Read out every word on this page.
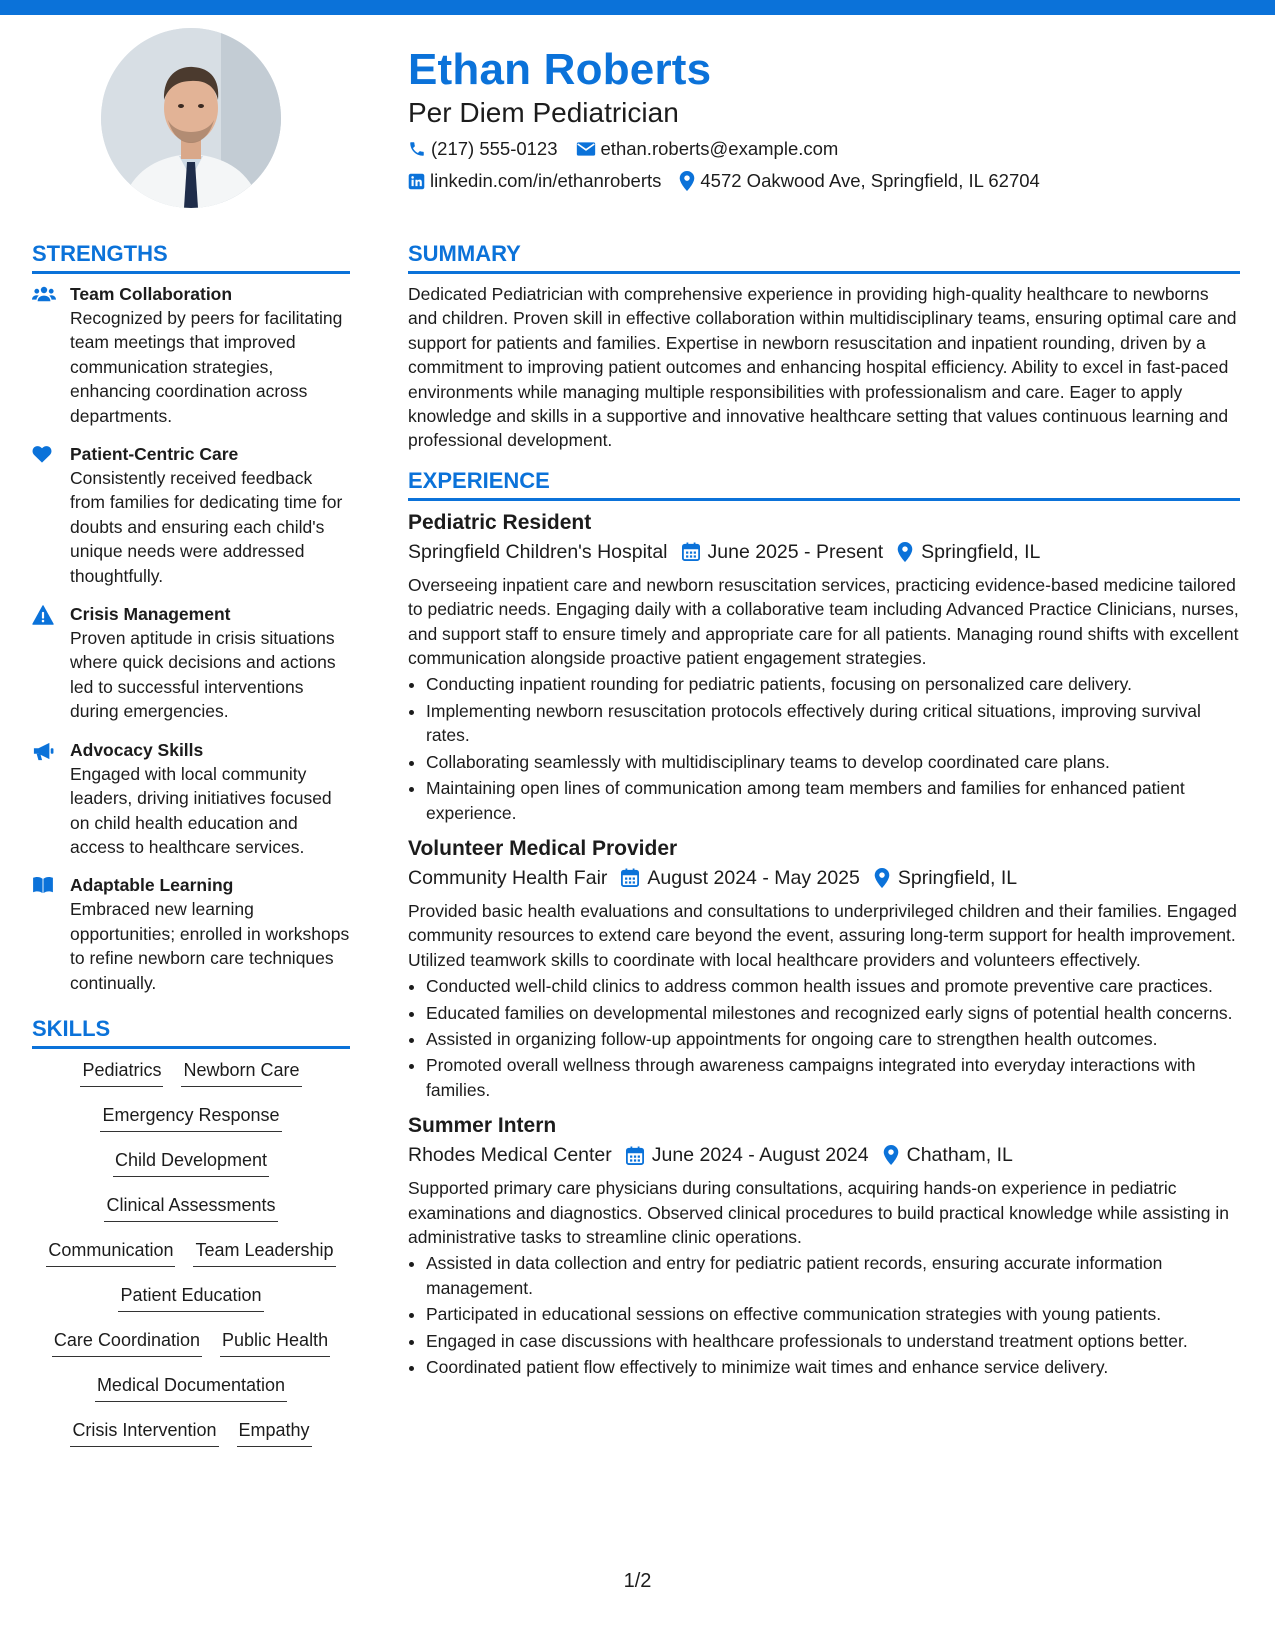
Ethan Roberts
Per Diem Pediatrician
(217) 555-0123 ethan.roberts@example.com
linkedin.com/in/ethanroberts 4572 Oakwood Ave, Springfield, IL 62704
STRENGTHS
Team Collaboration
Recognized by peers for facilitating team meetings that improved communication strategies, enhancing coordination across departments.
Patient-Centric Care
Consistently received feedback from families for dedicating time for doubts and ensuring each child's unique needs were addressed thoughtfully.
Crisis Management
Proven aptitude in crisis situations where quick decisions and actions led to successful interventions during emergencies.
Advocacy Skills
Engaged with local community leaders, driving initiatives focused on child health education and access to healthcare services.
Adaptable Learning
Embraced new learning opportunities; enrolled in workshops to refine newborn care techniques continually.
SKILLS
Pediatrics Newborn Care
Emergency Response
Child Development
Clinical Assessments
Communication Team Leadership
Patient Education
Care Coordination Public Health
Medical Documentation
Crisis Intervention Empathy
SUMMARY

Dedicated Pediatrician with comprehensive experience in providing high-quality healthcare to newborns and children. Proven skill in effective collaboration within multidisciplinary teams, ensuring optimal care and support for patients and families. Expertise in newborn resuscitation and inpatient rounding, driven by a commitment to improving patient outcomes and enhancing hospital efficiency. Ability to excel in fast-paced environments while managing multiple responsibilities with professionalism and care. Eager to apply knowledge and skills in a supportive and innovative healthcare setting that values continuous learning and professional development.

EXPERIENCE
Pediatric Resident
Springfield Children's Hospital June 2025 - Present Springfield, IL

Overseeing inpatient care and newborn resuscitation services, practicing evidence-based medicine tailored to pediatric needs. Engaging daily with a collaborative team including Advanced Practice Clinicians, nurses, and support staff to ensure timely and appropriate care for all patients. Managing round shifts with excellent communication alongside proactive patient engagement strategies.

• Conducting inpatient rounding for pediatric patients, focusing on personalized care delivery.
• Implementing newborn resuscitation protocols effectively during critical situations, improving survival rates.
• Collaborating seamlessly with multidisciplinary teams to develop coordinated care plans.
• Maintaining open lines of communication among team members and families for enhanced patient experience.
Volunteer Medical Provider
Community Health Fair August 2024 - May 2025 Springfield, IL

Provided basic health evaluations and consultations to underprivileged children and their families. Engaged community resources to extend care beyond the event, assuring long-term support for health improvement. Utilized teamwork skills to coordinate with local healthcare providers and volunteers effectively.

• Conducted well-child clinics to address common health issues and promote preventive care practices.
• Educated families on developmental milestones and recognized early signs of potential health concerns.
• Assisted in organizing follow-up appointments for ongoing care to strengthen health outcomes.
• Promoted overall wellness through awareness campaigns integrated into everyday interactions with families.
Summer Intern
Rhodes Medical Center June 2024 - August 2024 Chatham, IL

Supported primary care physicians during consultations, acquiring hands-on experience in pediatric examinations and diagnostics. Observed clinical procedures to build practical knowledge while assisting in administrative tasks to streamline clinic operations.

• Assisted in data collection and entry for pediatric patient records, ensuring accurate information management.
• Participated in educational sessions on effective communication strategies with young patients.
• Engaged in case discussions with healthcare professionals to understand treatment options better.
• Coordinated patient flow effectively to minimize wait times and enhance service delivery.
1/2
